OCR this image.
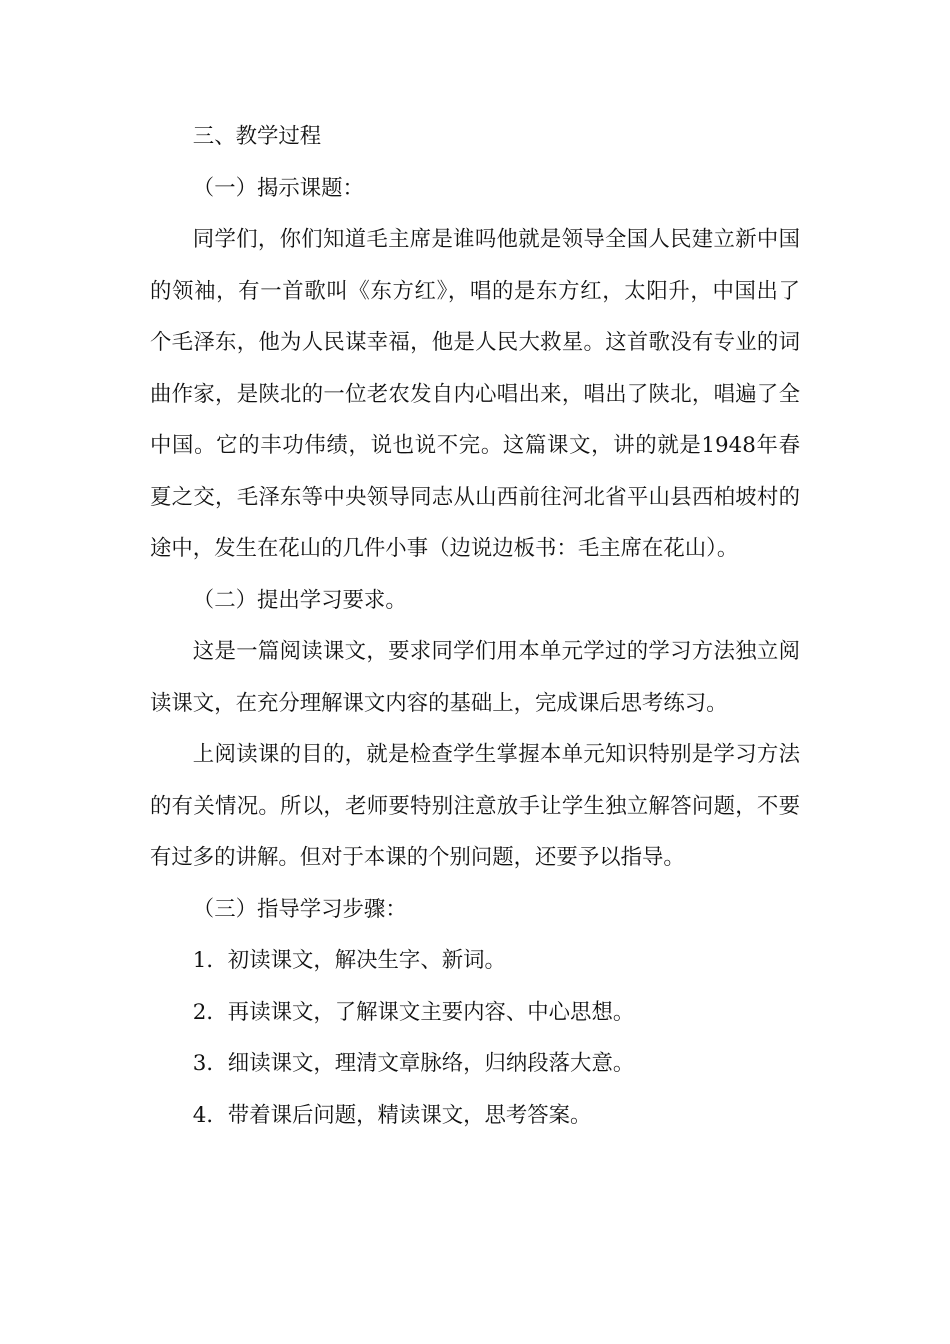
三、教学过程

（一）揭示课题：

同学们，你们知道毛主席是谁吗他就是领导全国人民建立新中国的领袖，有一首歌叫《东方红》，唱的是东方红，太阳升，中国出了个毛泽东，他为人民谋幸福，他是人民大救星。这首歌没有专业的词曲作家，是陕北的一位老农发自内心唱出来，唱出了陕北，唱遍了全中国。它的丰功伟绩，说也说不完。这篇课文，讲的就是1948年春夏之交，毛泽东等中央领导同志从山西前往河北省平山县西柏坡村的途中，发生在花山的几件小事（边说边板书：毛主席在花山）。

（二）提出学习要求。

这是一篇阅读课文，要求同学们用本单元学过的学习方法独立阅读课文，在充分理解课文内容的基础上，完成课后思考练习。

上阅读课的目的，就是检查学生掌握本单元知识特别是学习方法的有关情况。所以，老师要特别注意放手让学生独立解答问题，不要有过多的讲解。但对于本课的个别问题，还要予以指导。

（三）指导学习步骤：

1．初读课文，解决生字、新词。

2．再读课文，了解课文主要内容、中心思想。

3．细读课文，理清文章脉络，归纳段落大意。

4．带着课后问题，精读课文，思考答案。
